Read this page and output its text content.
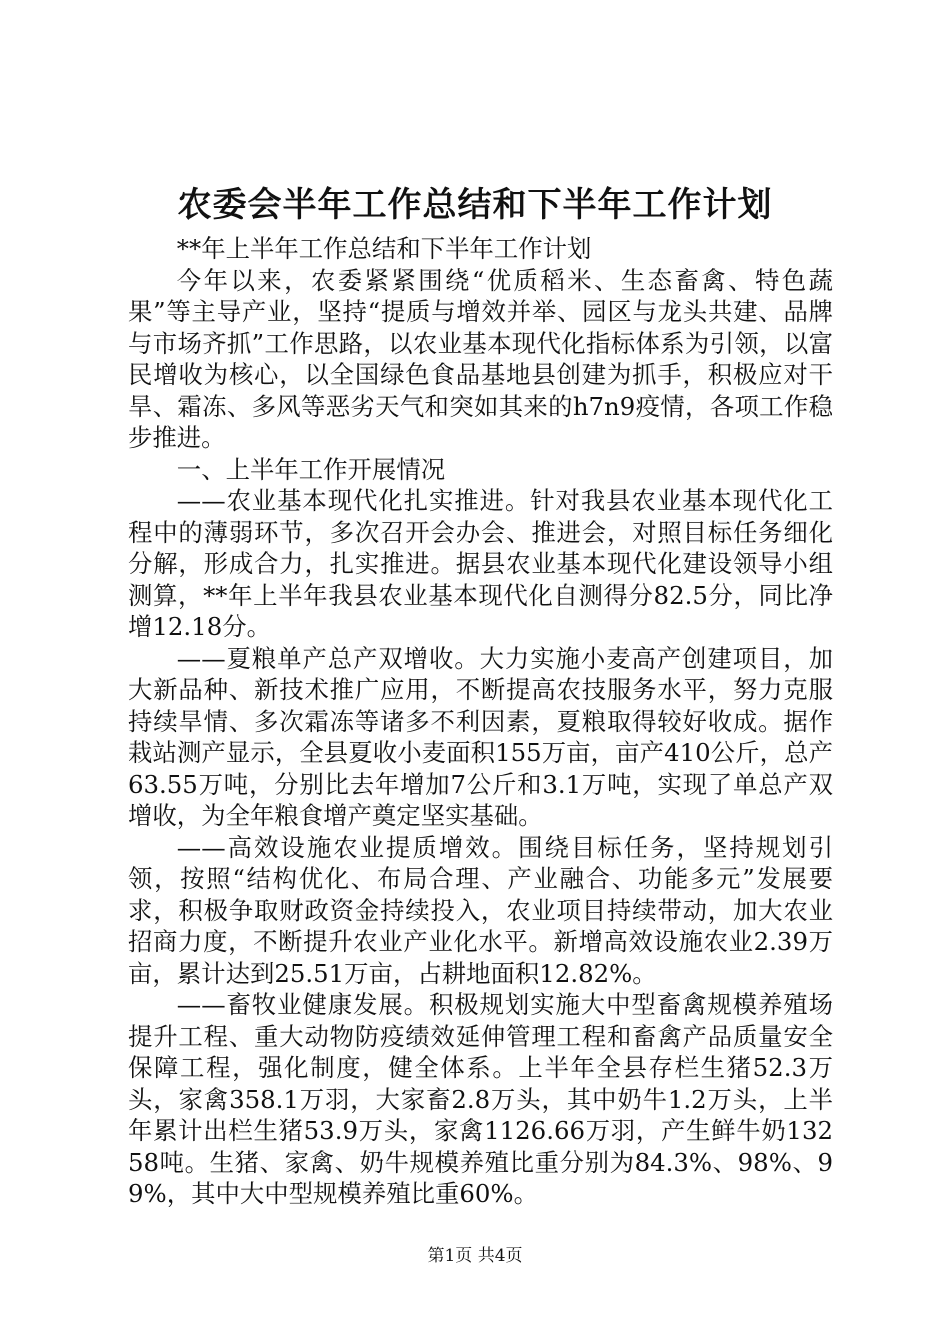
农委会半年工作总结和下半年工作计划

**年上半年工作总结和下半年工作计划

今年以来，农委紧紧围绕“优质稻米、生态畜禽、特色蔬果”等主导产业，坚持“提质与增效并举、园区与龙头共建、品牌与市场齐抓”工作思路，以农业基本现代化指标体系为引领，以富民增收为核心，以全国绿色食品基地县创建为抓手，积极应对干旱、霜冻、多风等恶劣天气和突如其来的h7n9疫情，各项工作稳步推进。

一、上半年工作开展情况

——农业基本现代化扎实推进。针对我县农业基本现代化工程中的薄弱环节，多次召开会办会、推进会，对照目标任务细化分解，形成合力，扎实推进。据县农业基本现代化建设领导小组测算，**年上半年我县农业基本现代化自测得分82.5分，同比净增12.18分。

——夏粮单产总产双增收。大力实施小麦高产创建项目，加大新品种、新技术推广应用，不断提高农技服务水平，努力克服持续旱情、多次霜冻等诸多不利因素，夏粮取得较好收成。据作栽站测产显示，全县夏收小麦面积155万亩，亩产410公斤，总产63.55万吨，分别比去年增加7公斤和3.1万吨，实现了单总产双增收，为全年粮食增产奠定坚实基础。

——高效设施农业提质增效。围绕目标任务，坚持规划引领，按照“结构优化、布局合理、产业融合、功能多元”发展要求，积极争取财政资金持续投入，农业项目持续带动，加大农业招商力度，不断提升农业产业化水平。新增高效设施农业2.39万亩，累计达到25.51万亩，占耕地面积12.82%。

——畜牧业健康发展。积极规划实施大中型畜禽规模养殖场提升工程、重大动物防疫绩效延伸管理工程和畜禽产品质量安全保障工程，强化制度，健全体系。上半年全县存栏生猪52.3万头，家禽358.1万羽，大家畜2.8万头，其中奶牛1.2万头，上半年累计出栏生猪53.9万头，家禽1126.66万羽，产生鲜牛奶13258吨。生猪、家禽、奶牛规模养殖比重分别为84.3%、98%、99%，其中大中型规模养殖比重60%。

第1页 共4页
